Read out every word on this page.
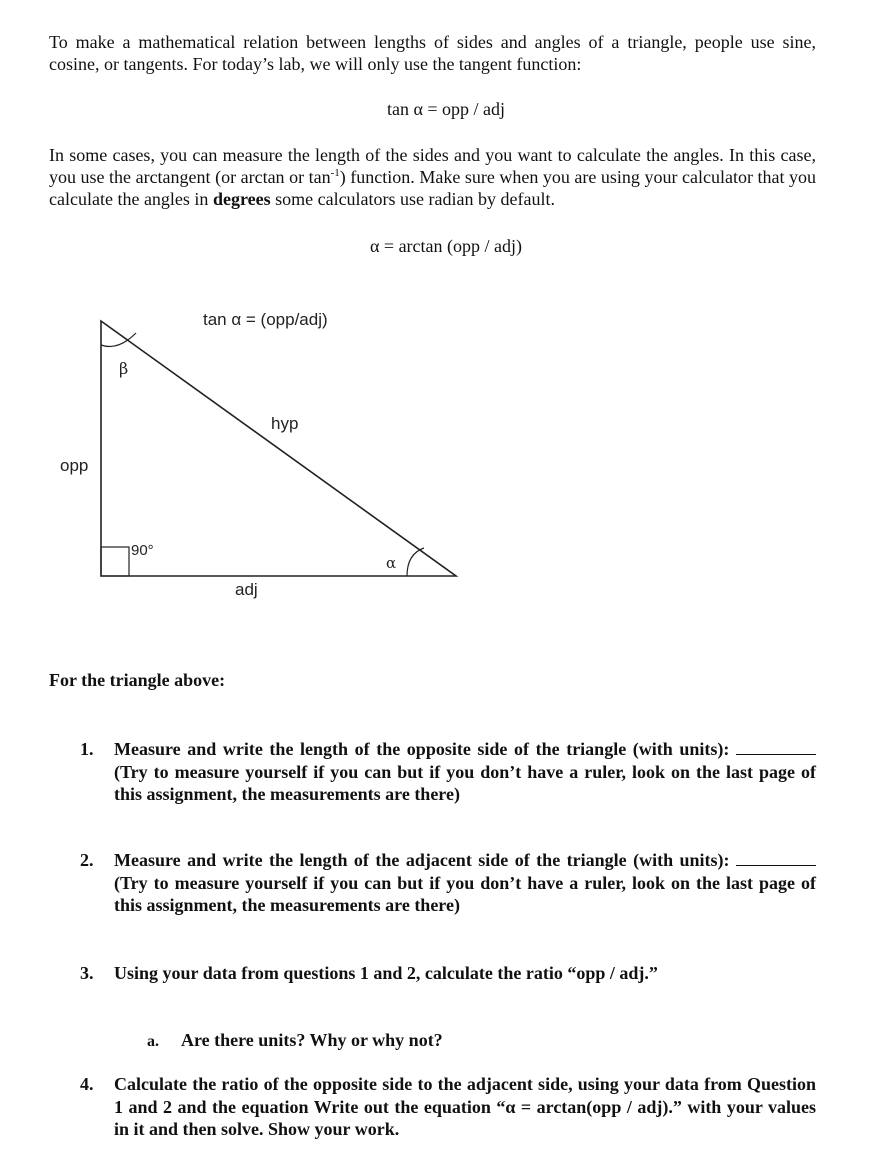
To make a mathematical relation between lengths of sides and angles of a triangle, people use sine, cosine, or tangents. For today’s lab, we will only use the tangent function:
tan α = opp / adj
In some cases, you can measure the length of the sides and you want to calculate the angles. In this case, you use the arctangent (or arctan or $\tan^{-1}$) function. Make sure when you are using your calculator that you calculate the angles in degrees some calculators use radian by default.
α = arctan (opp / adj)
tan α = (opp/adj)
β
hyp
opp
90°
α
adj
For the triangle above:
1. Measure and write the length of the opposite side of the triangle (with units):  (Try to measure yourself if you can but if you don’t have a ruler, look on the last page of this assignment, the measurements are there)
2. Measure and write the length of the adjacent side of the triangle (with units):  (Try to measure yourself if you can but if you don’t have a ruler, look on the last page of this assignment, the measurements are there)
3. Using your data from questions 1 and 2, calculate the ratio “opp / adj.”
a. Are there units? Why or why not?
4. Calculate the ratio of the opposite side to the adjacent side, using your data from Question 1 and 2 and the equation Write out the equation “α = arctan(opp / adj).” with your values in it and then solve. Show your work.
